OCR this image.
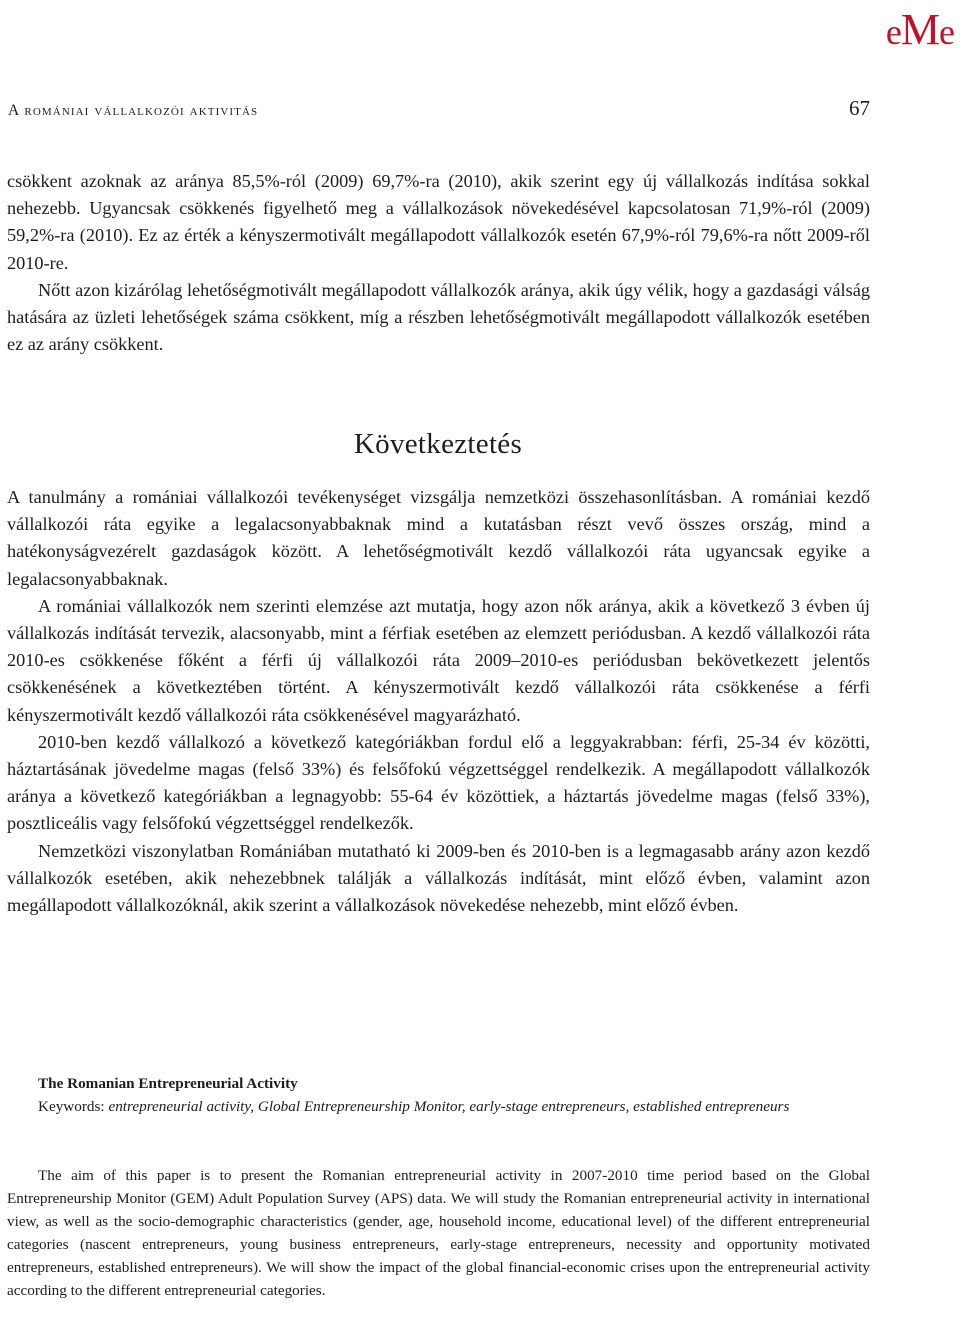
eMe
A romániai vállalkozói aktivitás	67

csökkent azoknak az aránya 85,5%-ról (2009) 69,7%-ra (2010), akik szerint egy új vállalkozás indítása sokkal nehezebb. Ugyancsak csökkenés figyelhető meg a vállalkozások növekedésével kapcsolatosan 71,9%-ról (2009) 59,2%-ra (2010). Ez az érték a kényszermotivált megállapodott vállalkozók esetén 67,9%-ról 79,6%-ra nőtt 2009-ről 2010-re.

Nőtt azon kizárólag lehetőségmotivált megállapodott vállalkozók aránya, akik úgy vélik, hogy a gazdasági válság hatására az üzleti lehetőségek száma csökkent, míg a részben lehetőségmotivált megállapodott vállalkozók esetében ez az arány csökkent.

Következtetés

A tanulmány a romániai vállalkozói tevékenységet vizsgálja nemzetközi összehasonlításban. A romániai kezdő vállalkozói ráta egyike a legalacsonyabbaknak mind a kutatásban részt vevő összes ország, mind a hatékonyságvezérelt gazdaságok között. A lehetőségmotivált kezdő vállalkozói ráta ugyancsak egyike a legalacsonyabbaknak.

A romániai vállalkozók nem szerinti elemzése azt mutatja, hogy azon nők aránya, akik a következő 3 évben új vállalkozás indítását tervezik, alacsonyabb, mint a férfiak esetében az elemzett periódusban. A kezdő vállalkozói ráta 2010-es csökkenése főként a férfi új vállalkozói ráta 2009–2010-es periódusban bekövetkezett jelentős csökkenésének a következtében történt. A kényszermotivált kezdő vállalkozói ráta csökkenése a férfi kényszermotivált kezdő vállalkozói ráta csökkenésével magyarázható.

2010-ben kezdő vállalkozó a következő kategóriákban fordul elő a leggyakrabban: férfi, 25-34 év közötti, háztartásának jövedelme magas (felső 33%) és felsőfokú végzettséggel rendelkezik. A megállapodott vállalkozók aránya a következő kategóriákban a legnagyobb: 55-64 év közöttiek, a háztartás jövedelme magas (felső 33%), posztliceális vagy felsőfokú végzettséggel rendelkezők.

Nemzetközi viszonylatban Romániában mutatható ki 2009-ben és 2010-ben is a legmagasabb arány azon kezdő vállalkozók esetében, akik nehezebbnek találják a vállalkozás indítását, mint előző évben, valamint azon megállapodott vállalkozóknál, akik szerint a vállalkozások növekedése nehezebb, mint előző évben.

The Romanian Entrepreneurial Activity
Keywords: entrepreneurial activity, Global Entrepreneurship Monitor, early-stage entrepreneurs, established entrepreneurs
The aim of this paper is to present the Romanian entrepreneurial activity in 2007-2010 time period based on the Global Entrepreneurship Monitor (GEM) Adult Population Survey (APS) data. We will study the Romanian entrepreneurial activity in international view, as well as the socio-demographic characteristics (gender, age, household income, educational level) of the different entrepreneurial categories (nascent entrepreneurs, young business entrepreneurs, early-stage entrepreneurs, necessity and opportunity motivated entrepreneurs, established entrepreneurs). We will show the impact of the global financial-economic crises upon the entrepreneurial activity according to the different entrepreneurial categories.
